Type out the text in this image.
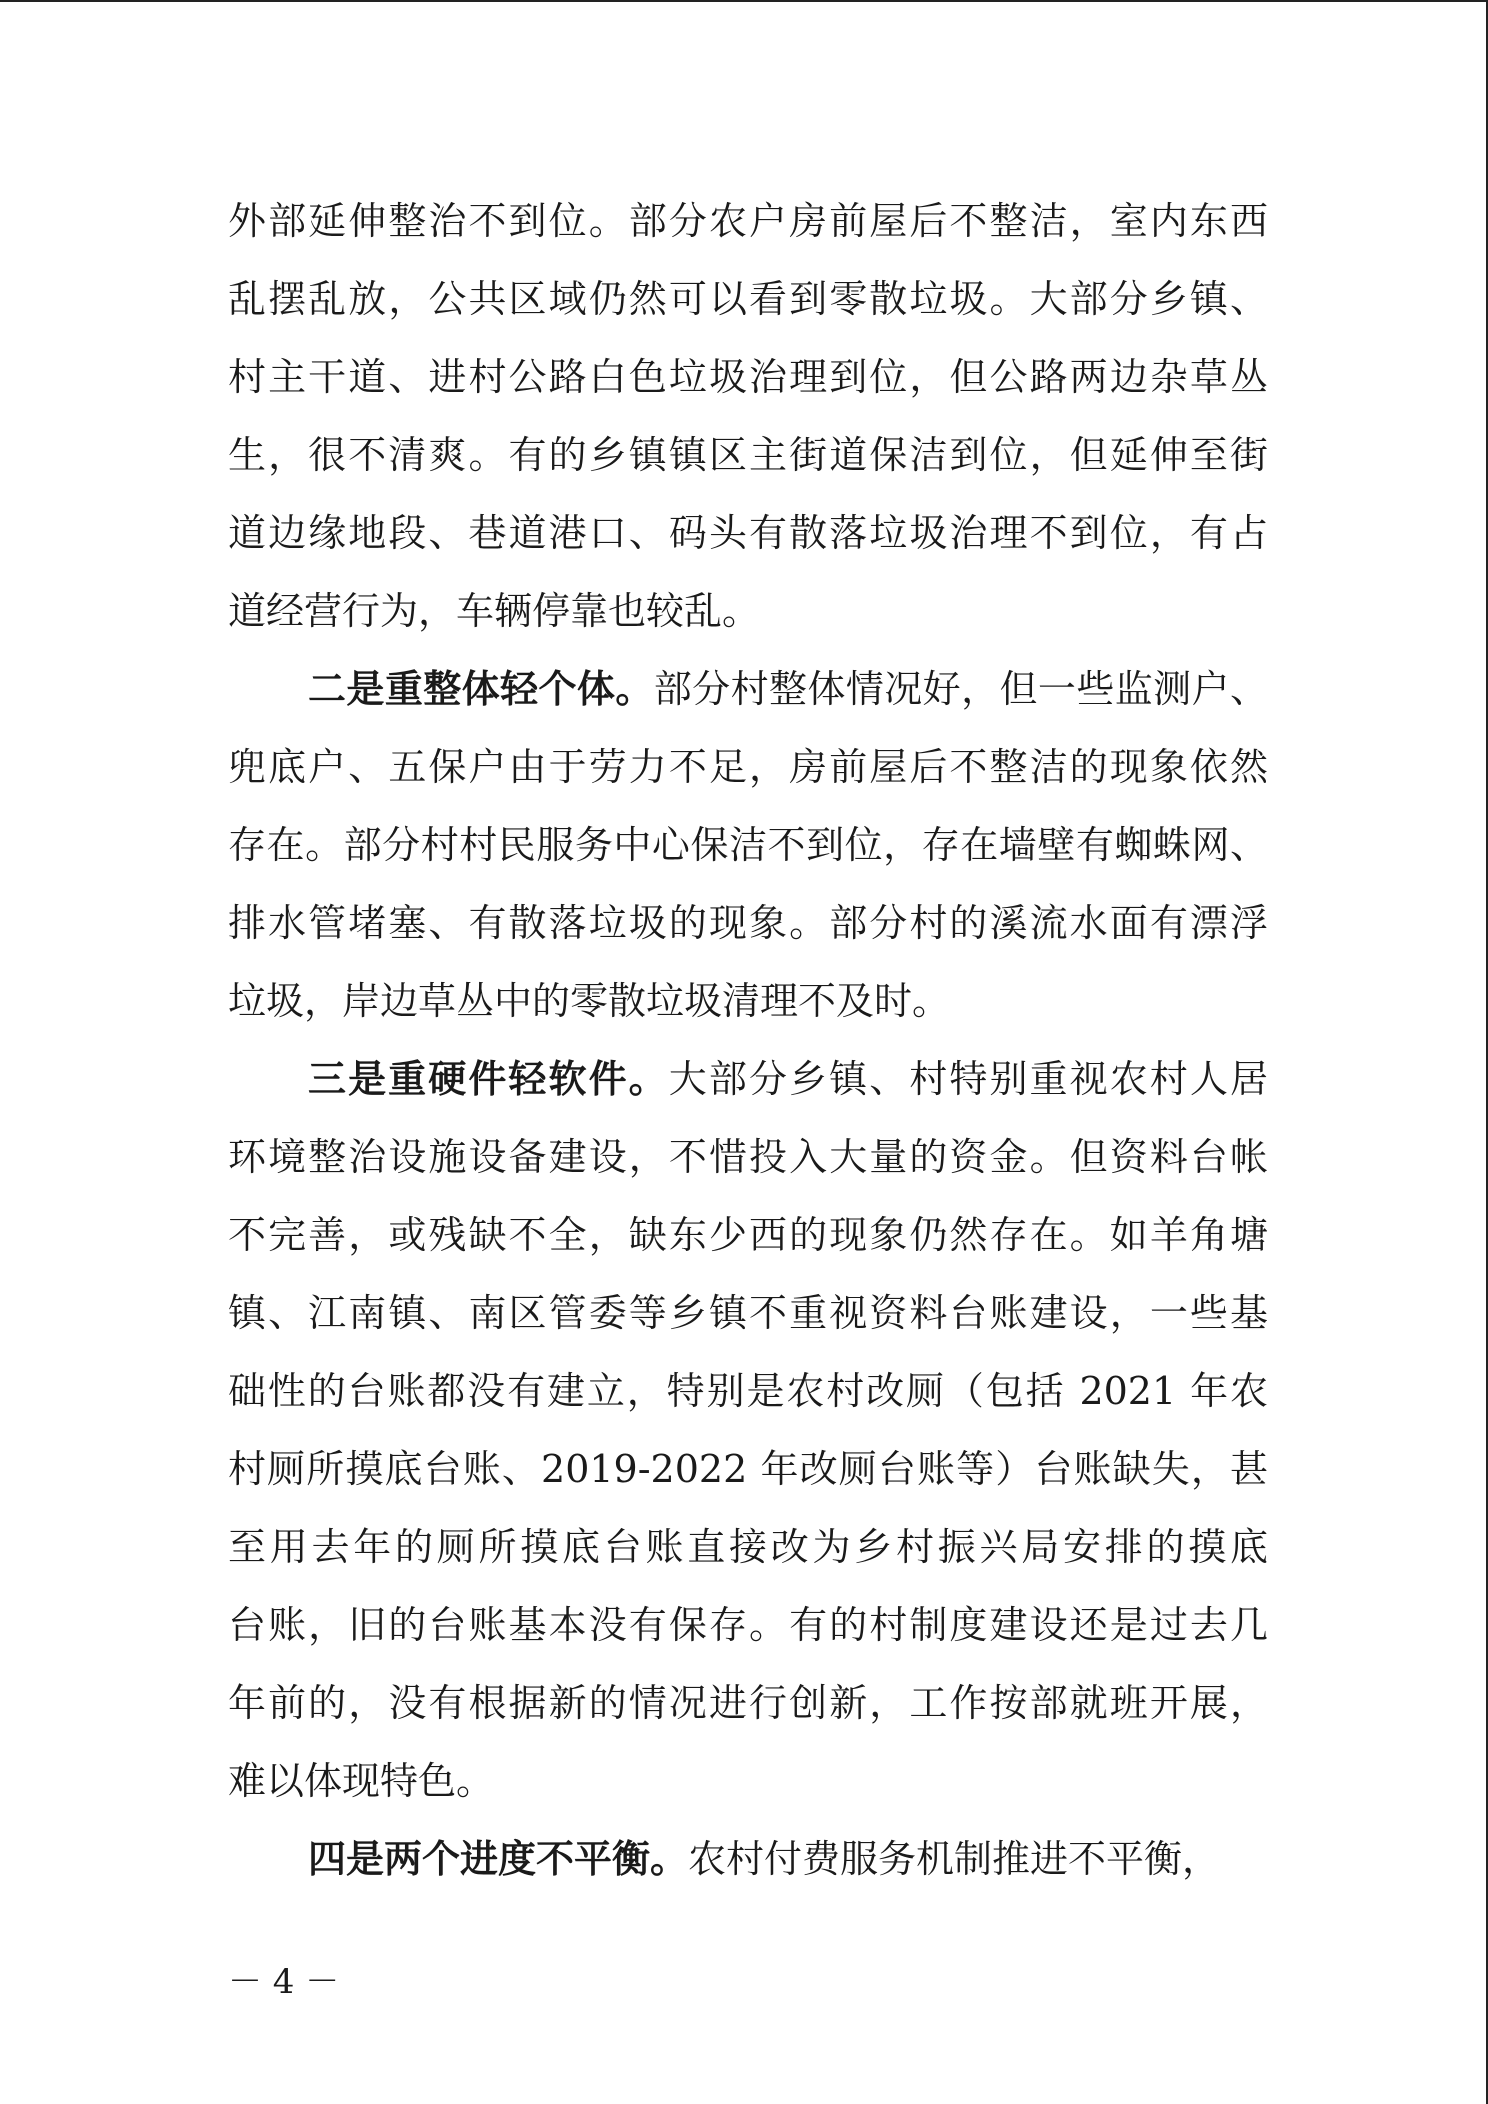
外部延伸整治不到位。部分农户房前屋后不整洁，室内东西
乱摆乱放，公共区域仍然可以看到零散垃圾。大部分乡镇、
村主干道、进村公路白色垃圾治理到位，但公路两边杂草丛
生，很不清爽。有的乡镇镇区主街道保洁到位，但延伸至街
道边缘地段、巷道港口、码头有散落垃圾治理不到位，有占
道经营行为，车辆停靠也较乱。
二是重整体轻个体。部分村整体情况好，但一些监测户、
兜底户、五保户由于劳力不足，房前屋后不整洁的现象依然
存在。部分村村民服务中心保洁不到位，存在墙壁有蜘蛛网、
排水管堵塞、有散落垃圾的现象。部分村的溪流水面有漂浮
垃圾，岸边草丛中的零散垃圾清理不及时。
三是重硬件轻软件。大部分乡镇、村特别重视农村人居
环境整治设施设备建设，不惜投入大量的资金。但资料台帐
不完善，或残缺不全，缺东少西的现象仍然存在。如羊角塘
镇、江南镇、南区管委等乡镇不重视资料台账建设，一些基
础性的台账都没有建立，特别是农村改厕（包括 2021 年农
村厕所摸底台账、2019-2022 年改厕台账等）台账缺失，甚
至用去年的厕所摸底台账直接改为乡村振兴局安排的摸底
台账，旧的台账基本没有保存。有的村制度建设还是过去几
年前的，没有根据新的情况进行创新，工作按部就班开展，
难以体现特色。
四是两个进度不平衡。农村付费服务机制推进不平衡，
－ 4 －
